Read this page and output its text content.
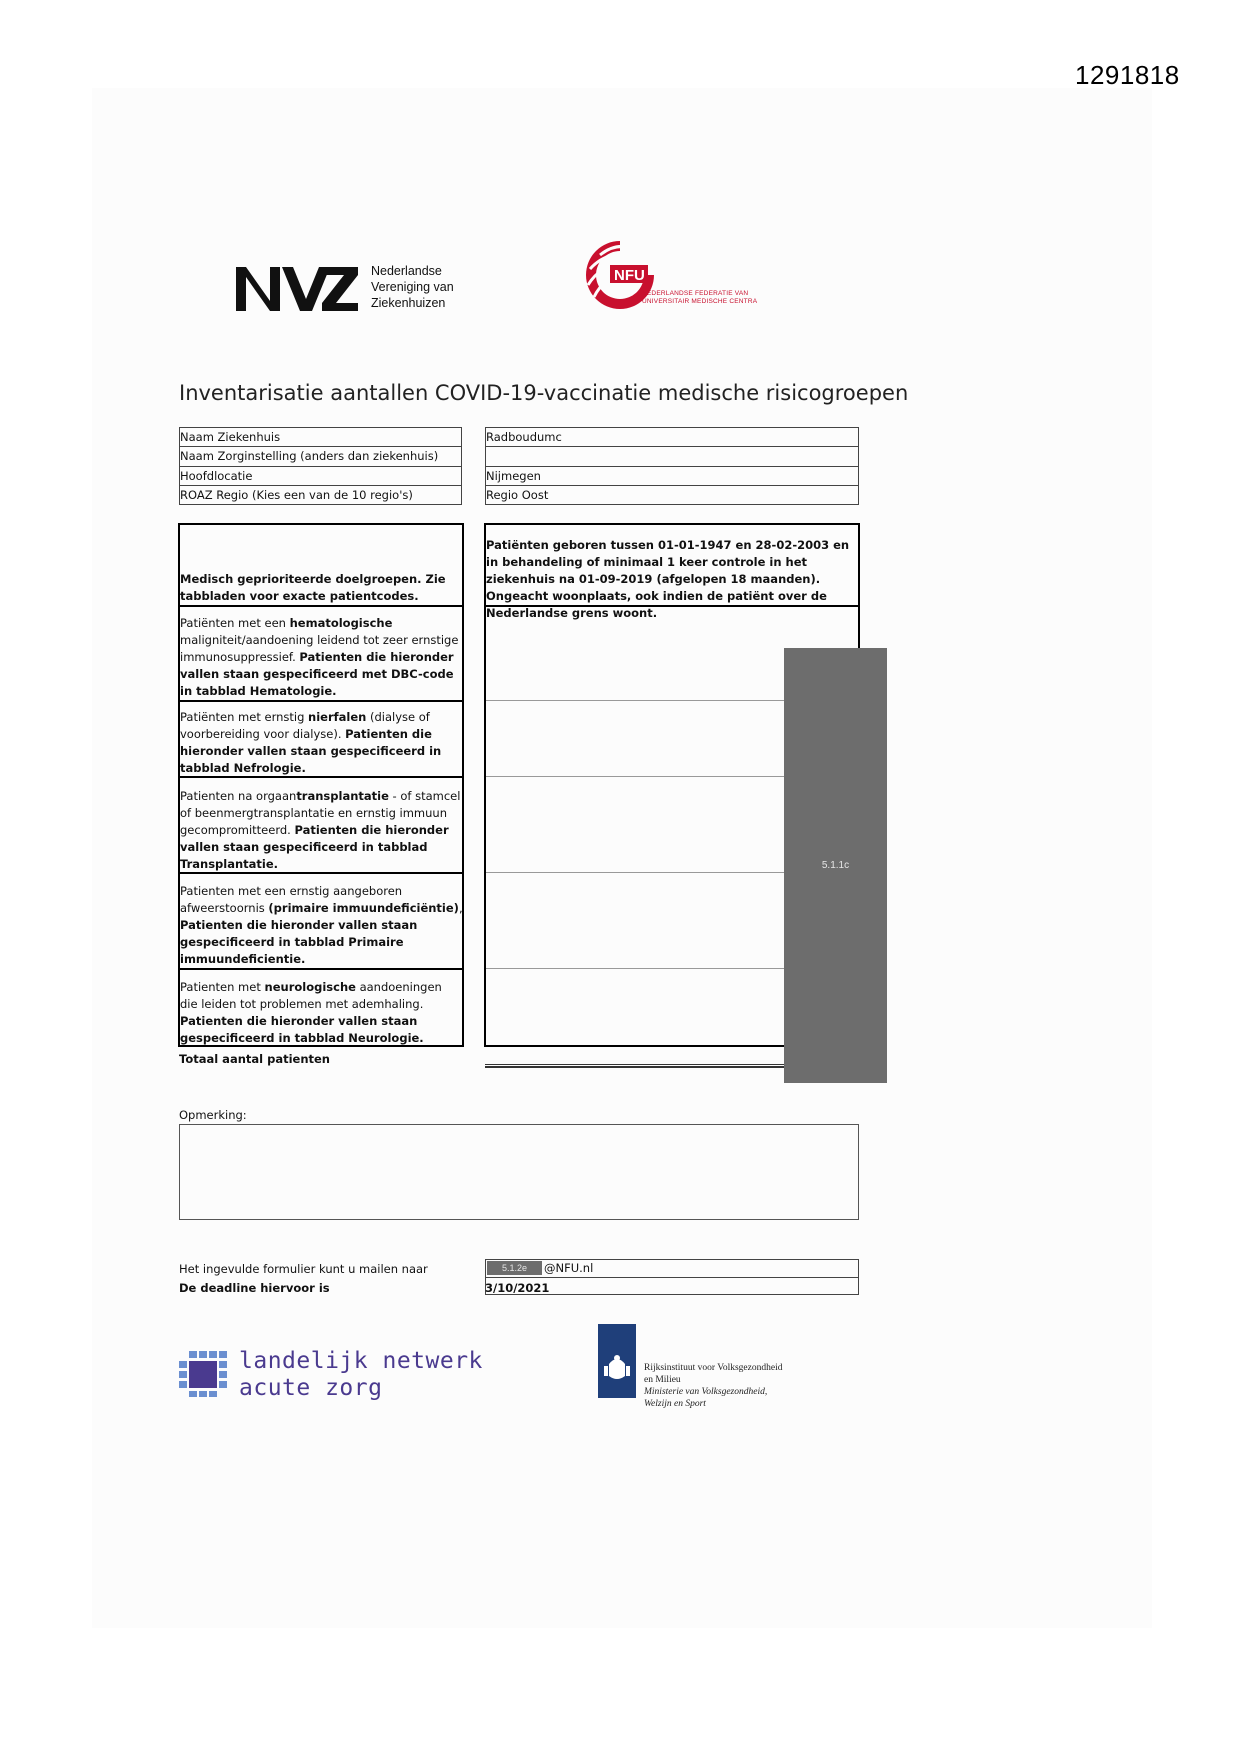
1291818
Nederlandse
Vereniging van
Ziekenhuizen
NFU
NEDERLANDSE FEDERATIE VAN
UNIVERSITAIR MEDISCHE CENTRA
Inventarisatie aantallen COVID-19-vaccinatie medische risicogroepen
Naam Ziekenhuis
Naam Zorginstelling (anders dan ziekenhuis)
Hoofdlocatie
ROAZ Regio (Kies een van de 10 regio's)
Radboudumc
Nijmegen
Regio Oost
Medisch geprioriteerde doelgroepen. Zie tabbladen voor exacte patientcodes.
Patiënten geboren tussen 01-01-1947 en 28-02-2003 en in behandeling of minimaal 1 keer controle in het ziekenhuis na 01-09-2019 (afgelopen 18 maanden). Ongeacht woonplaats, ook indien de patiënt over de Nederlandse grens woont.
Patiënten met een hematologische maligniteit/aandoening leidend tot zeer ernstige immunosuppressief. Patienten die hieronder vallen staan gespecificeerd met DBC-code in tabblad Hematologie.
Patiënten met ernstig nierfalen (dialyse of voorbereiding voor dialyse). Patienten die hieronder vallen staan gespecificeerd in tabblad Nefrologie.
Patienten na orgaantransplantatie - of stamcel of beenmergtransplantatie en ernstig immuun gecompromitteerd. Patienten die hieronder vallen staan gespecificeerd in tabblad Transplantatie.
Patienten met een ernstig aangeboren afweerstoornis (primaire immuundeficiëntie), Patienten die hieronder vallen staan gespecificeerd in tabblad Primaire immuundeficientie.
Patienten met neurologische aandoeningen die leiden tot problemen met ademhaling. Patienten die hieronder vallen staan gespecificeerd in tabblad Neurologie.
Totaal aantal patienten
5.1.1c
Opmerking:
Het ingevulde formulier kunt u mailen naar
De deadline hiervoor is
5.1.2e	@NFU.nl
3/10/2021
landelijk netwerk
acute zorg
Rijksinstituut voor Volksgezondheid
en Milieu
Ministerie van Volksgezondheid,
Welzijn en Sport
